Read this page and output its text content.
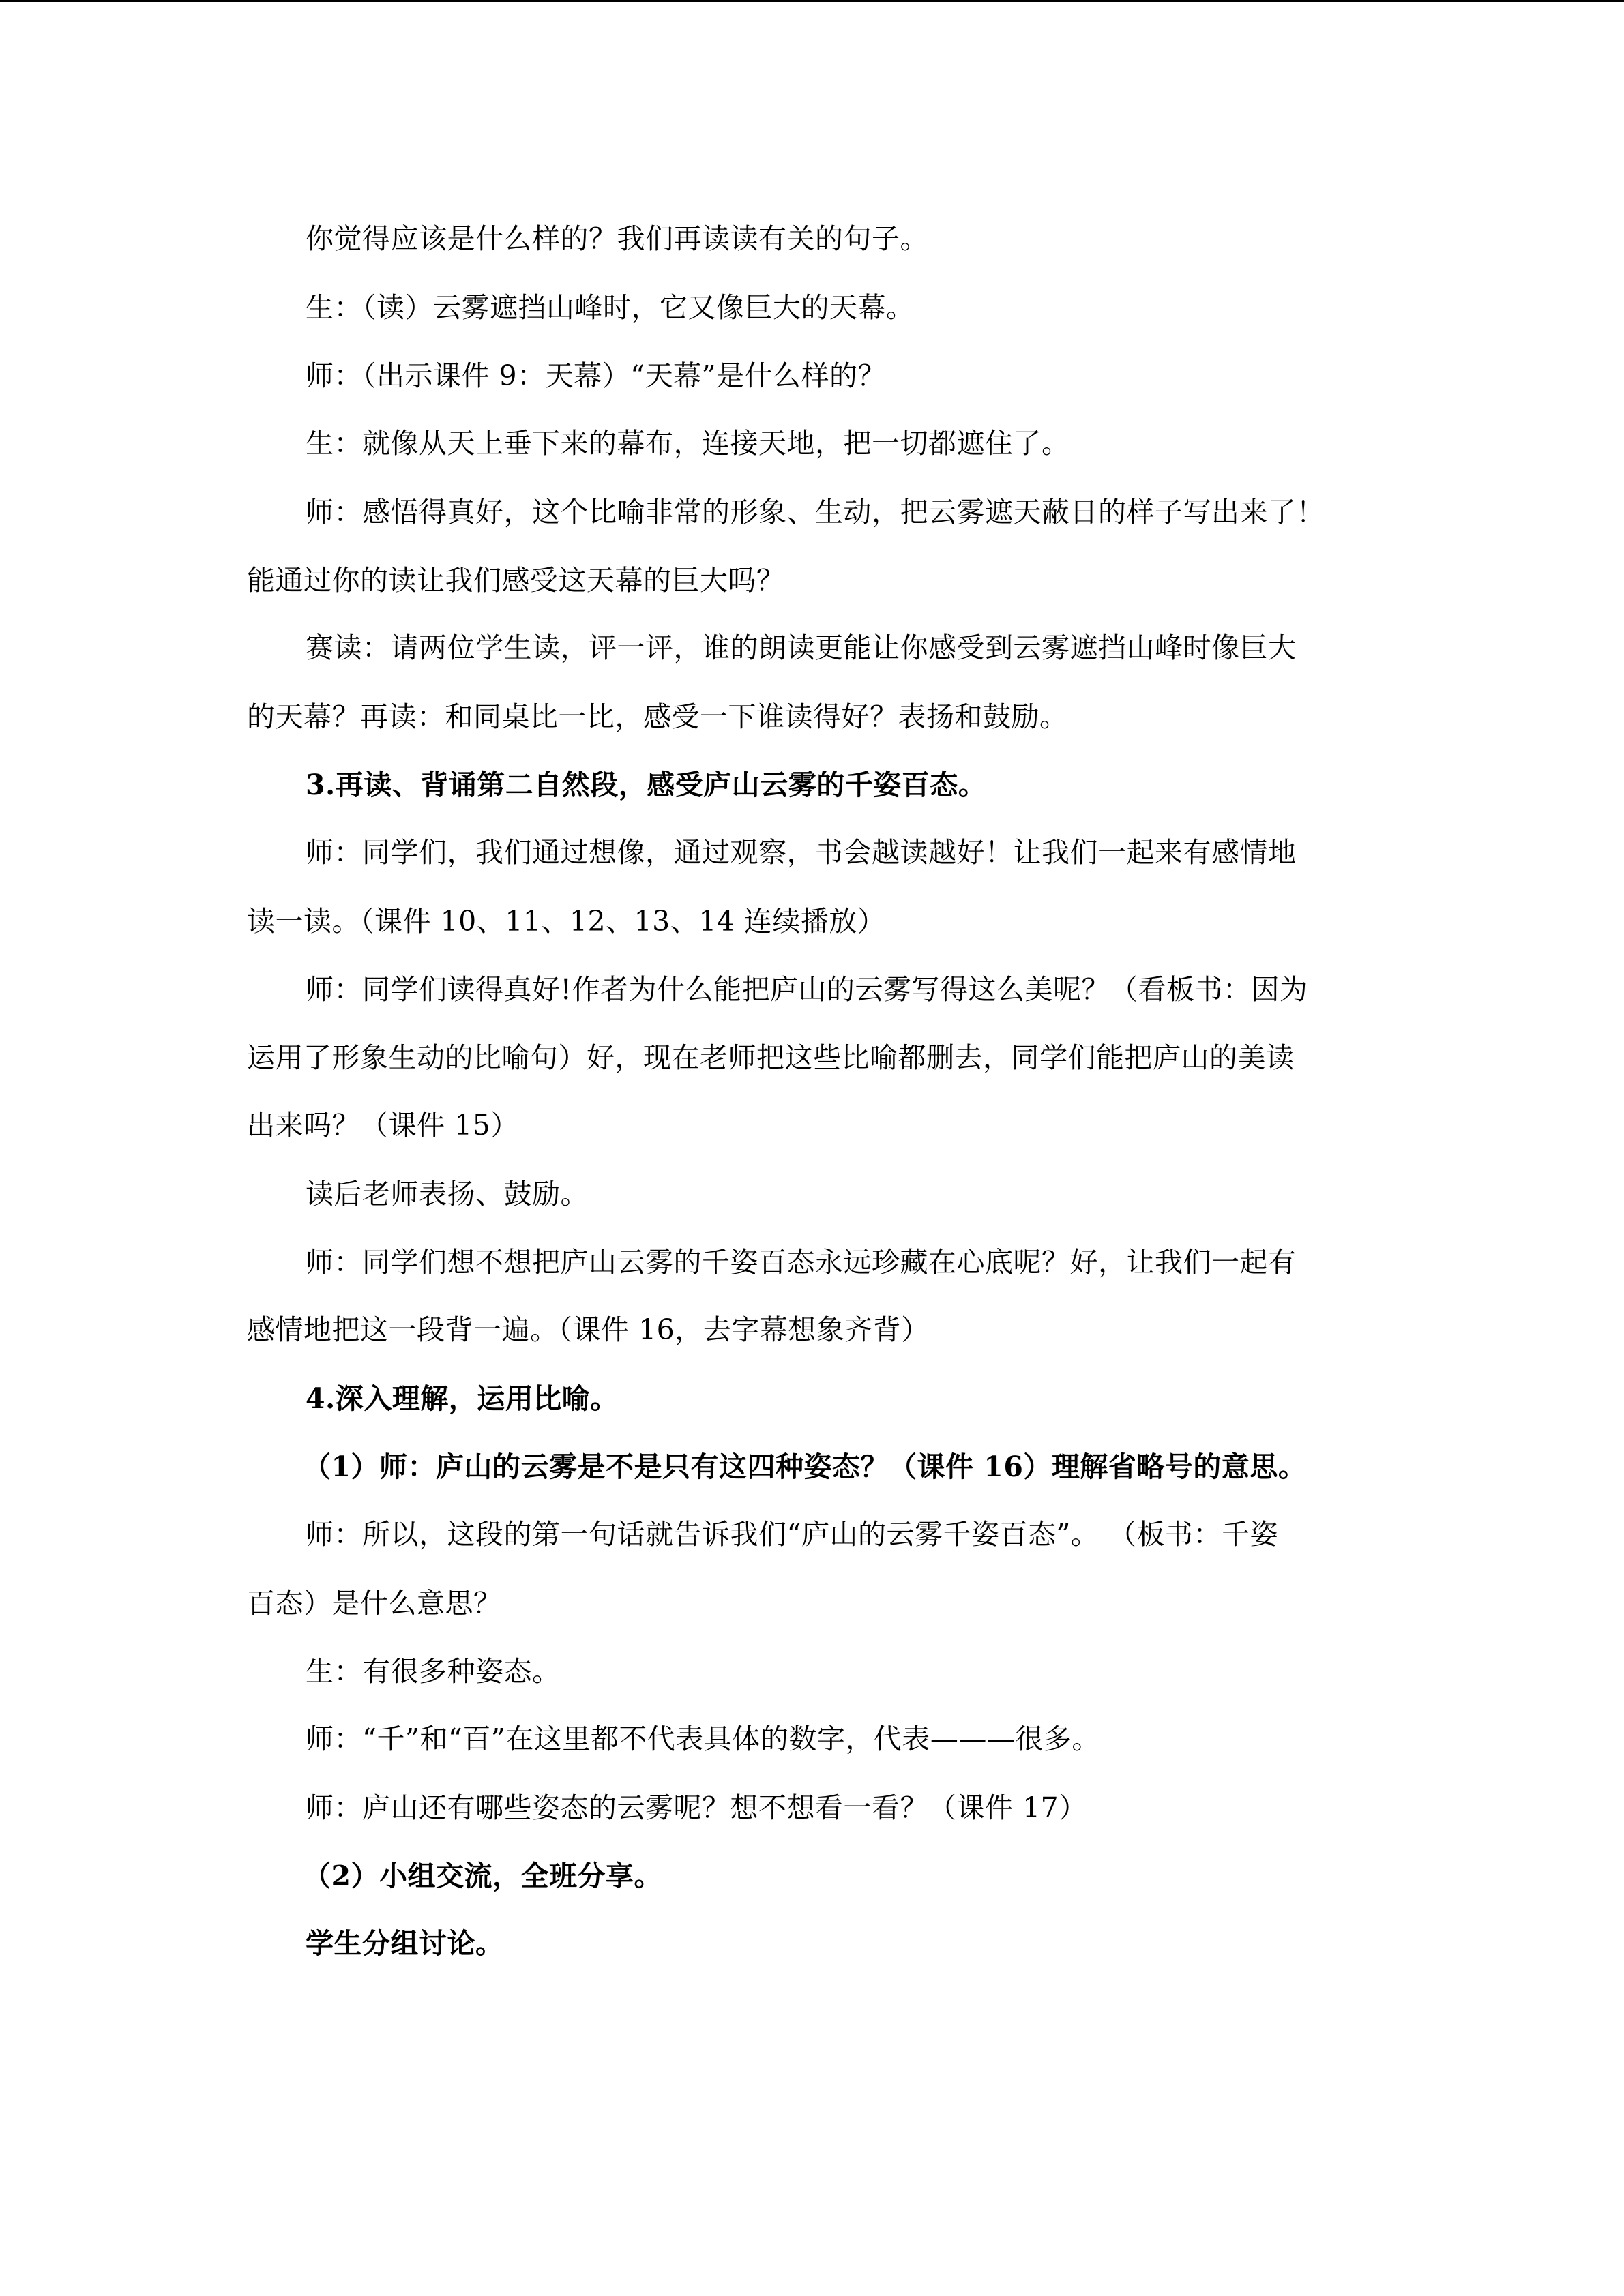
你觉得应该是什么样的？我们再读读有关的句子。
生：（读）云雾遮挡山峰时，它又像巨大的天幕。
师：（出示课件 9：天幕）“天幕”是什么样的？
生：就像从天上垂下来的幕布，连接天地，把一切都遮住了。
师：感悟得真好，这个比喻非常的形象、生动，把云雾遮天蔽日的样子写出来了！
能通过你的读让我们感受这天幕的巨大吗？
赛读：请两位学生读，评一评，谁的朗读更能让你感受到云雾遮挡山峰时像巨大
的天幕？再读：和同桌比一比，感受一下谁读得好？表扬和鼓励。
3.再读、背诵第二自然段，感受庐山云雾的千姿百态。
师：同学们，我们通过想像，通过观察，书会越读越好！让我们一起来有感情地
读一读。（课件 10、11、12、13、14 连续播放）
师：同学们读得真好!作者为什么能把庐山的云雾写得这么美呢？（看板书：因为
运用了形象生动的比喻句）好，现在老师把这些比喻都删去，同学们能把庐山的美读
出来吗？（课件 15）
读后老师表扬、鼓励。
师：同学们想不想把庐山云雾的千姿百态永远珍藏在心底呢？好，让我们一起有
感情地把这一段背一遍。（课件 16，去字幕想象齐背）
4.深入理解，运用比喻。
（1）师：庐山的云雾是不是只有这四种姿态？（课件 16）理解省略号的意思。
师：所以，这段的第一句话就告诉我们“庐山的云雾千姿百态”。 （板书：千姿
百态）是什么意思？
生：有很多种姿态。
师：“千”和“百”在这里都不代表具体的数字，代表———很多。
师：庐山还有哪些姿态的云雾呢？想不想看一看？（课件 17）
（2）小组交流，全班分享。
学生分组讨论。
